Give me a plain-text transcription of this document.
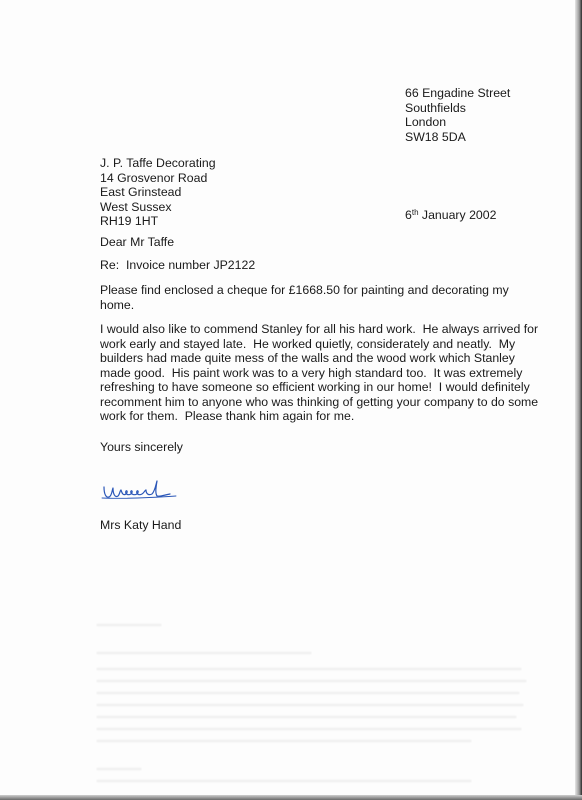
66 Engadine Street
Southfields
London
SW18 5DA
J. P. Taffe Decorating
14 Grosvenor Road
East Grinstead
West Sussex
RH19 1HT	6th January 2002
Dear Mr Taffe
Re:  Invoice number JP2122
Please find enclosed a cheque for £1668.50 for painting and decorating my
home.
I would also like to commend Stanley for all his hard work.  He always arrived for
work early and stayed late.  He worked quietly, considerately and neatly.  My
builders had made quite mess of the walls and the wood work which Stanley
made good.  His paint work was to a very high standard too.  It was extremely
refreshing to have someone so efficient working in our home!  I would definitely
recomment him to anyone who was thinking of getting your company to do some
work for them.  Please thank him again for me.
Yours sincerely
Mrs Katy Hand
